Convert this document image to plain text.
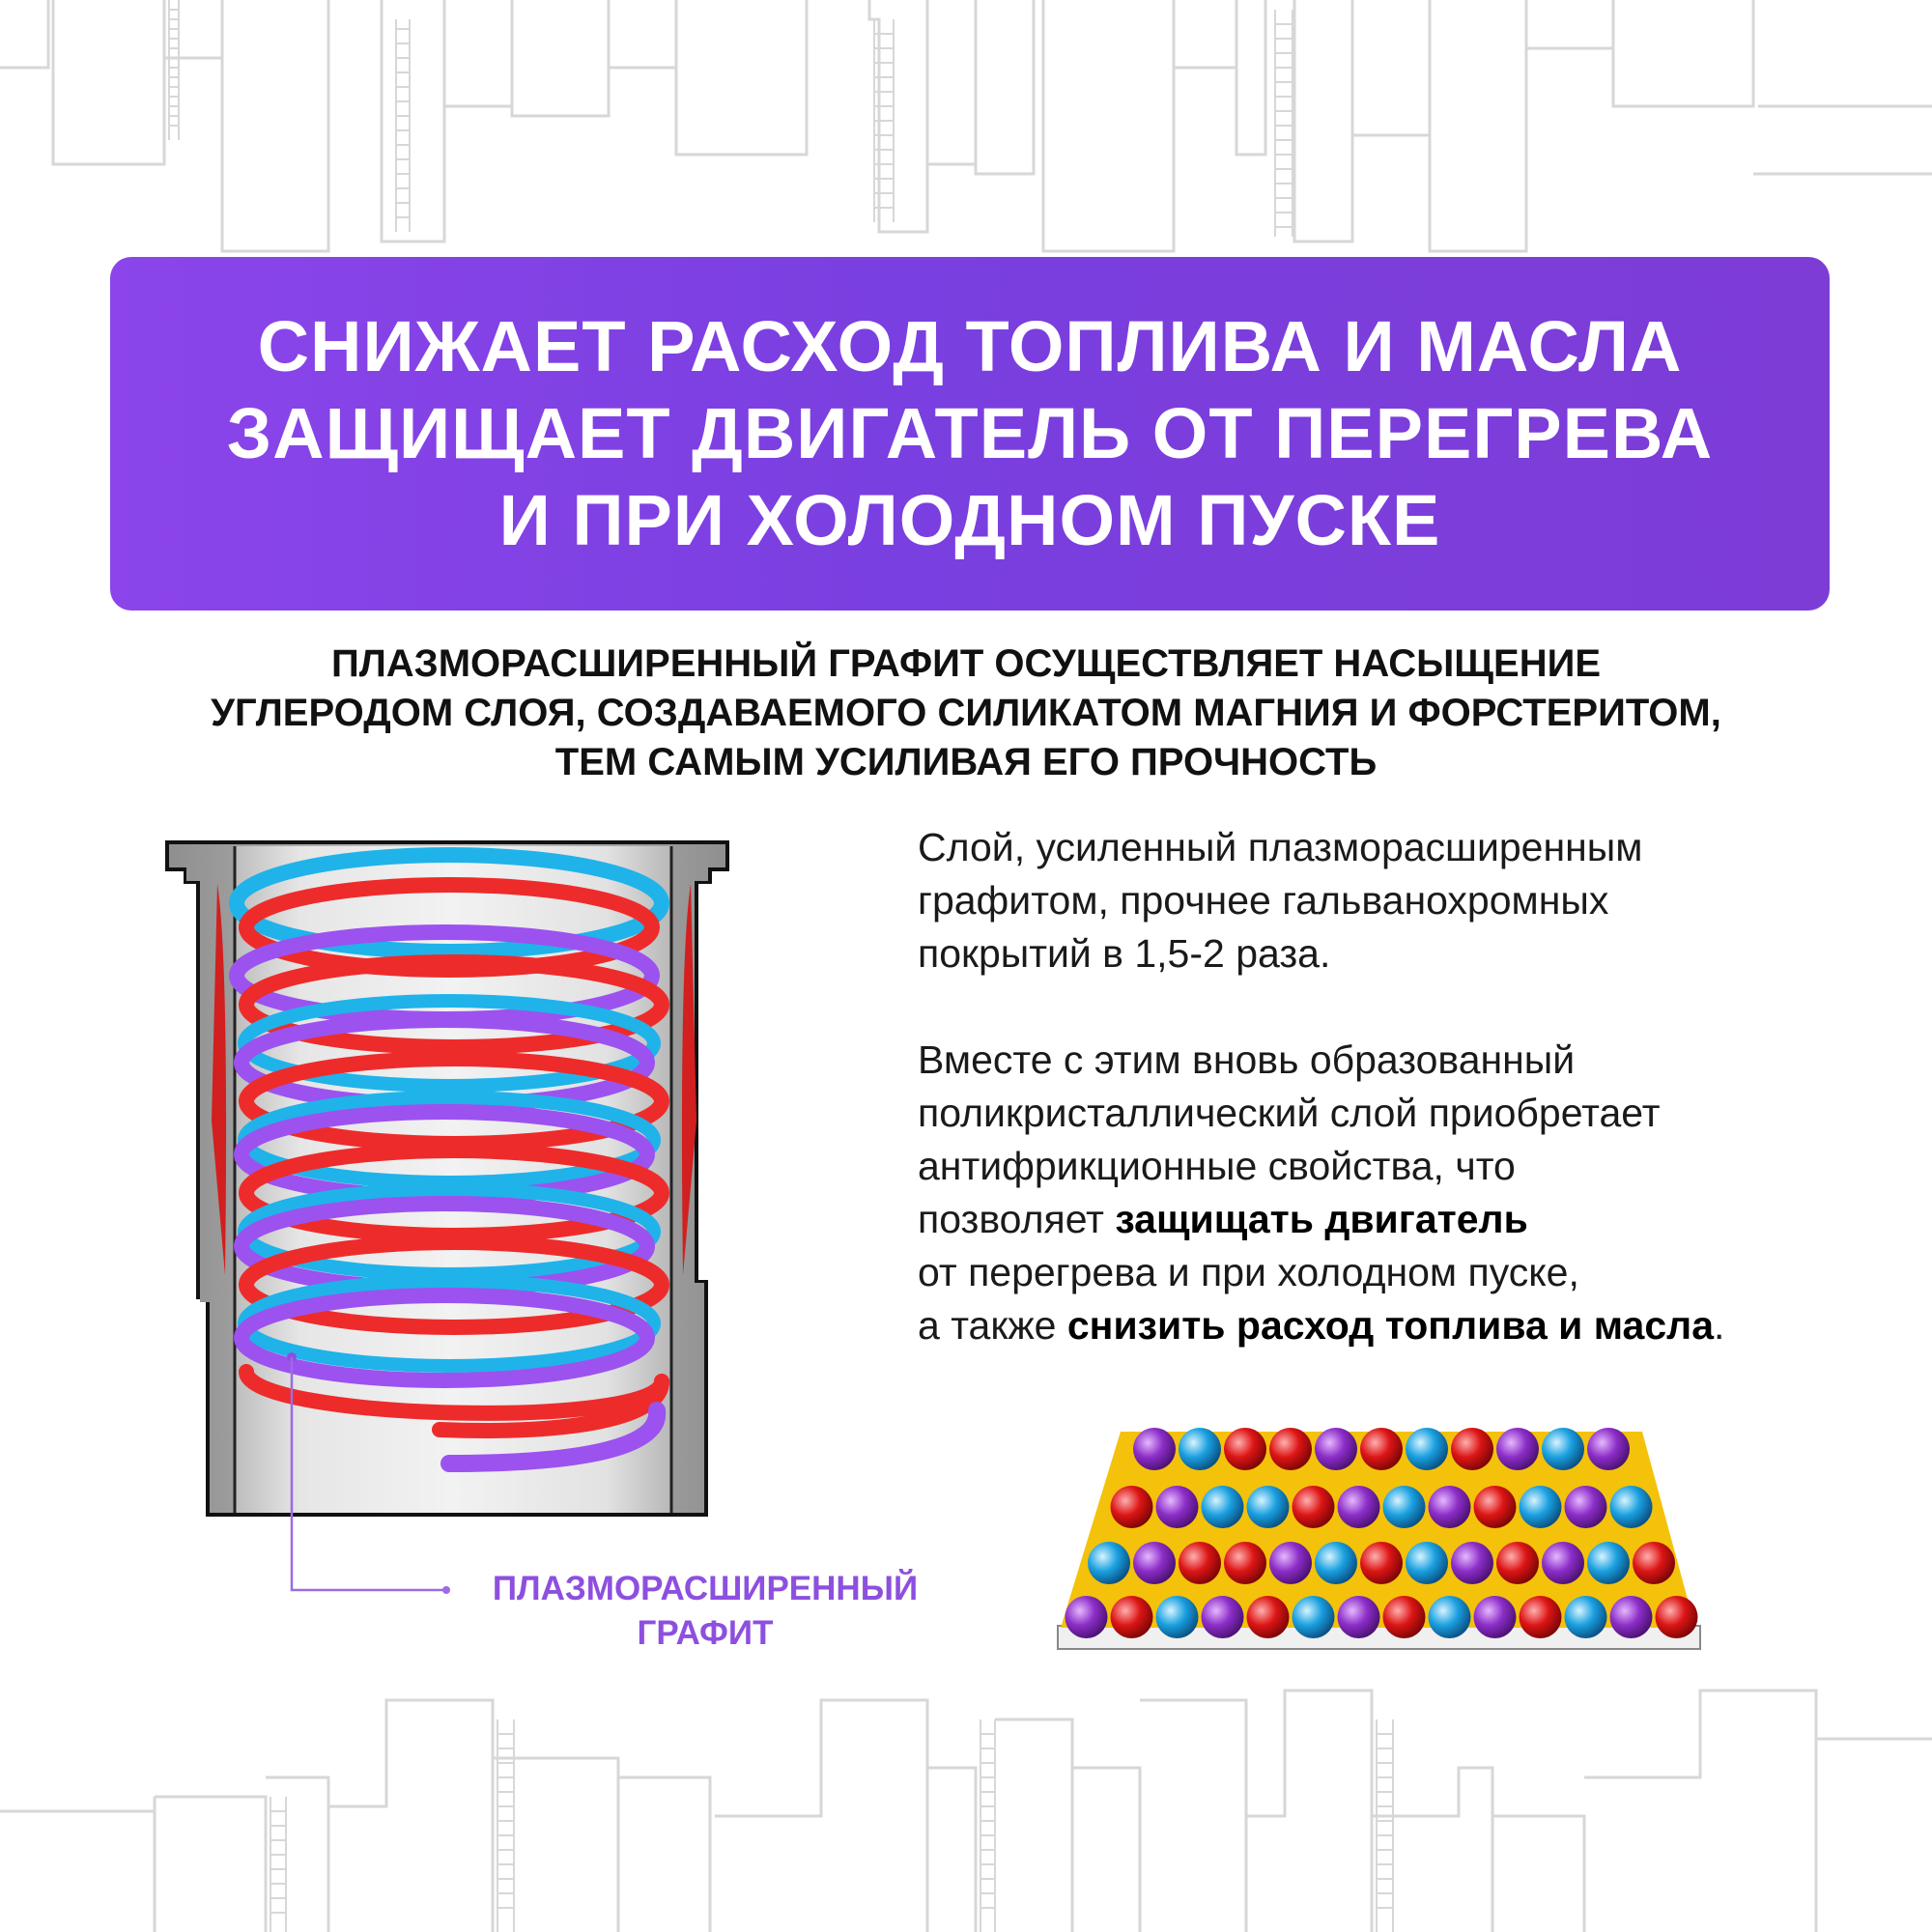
СНИЖАЕТ РАСХОД ТОПЛИВА И МАСЛА
ЗАЩИЩАЕТ ДВИГАТЕЛЬ ОТ ПЕРЕГРЕВА
И ПРИ ХОЛОДНОМ ПУСКЕ
ПЛАЗМОРАСШИРЕННЫЙ ГРАФИТ ОСУЩЕСТВЛЯЕТ НАСЫЩЕНИЕ
УГЛЕРОДОМ СЛОЯ, СОЗДАВАЕМОГО СИЛИКАТОМ МАГНИЯ И ФОРСТЕРИТОМ,
ТЕМ САМЫМ УСИЛИВАЯ ЕГО ПРОЧНОСТЬ
ПЛАЗМОРАСШИРЕННЫЙ
ГРАФИТ

Слой, усиленный плазморасширенным
графитом, прочнее гальванохромных
покрытий в 1,5-2 раза.

Вместе с этим вновь образованный
поликристаллический слой приобретает
антифрикционные свойства, что
позволяет защищать двигатель
от перегрева и при холодном пуске,
а также снизить расход топлива и масла.
